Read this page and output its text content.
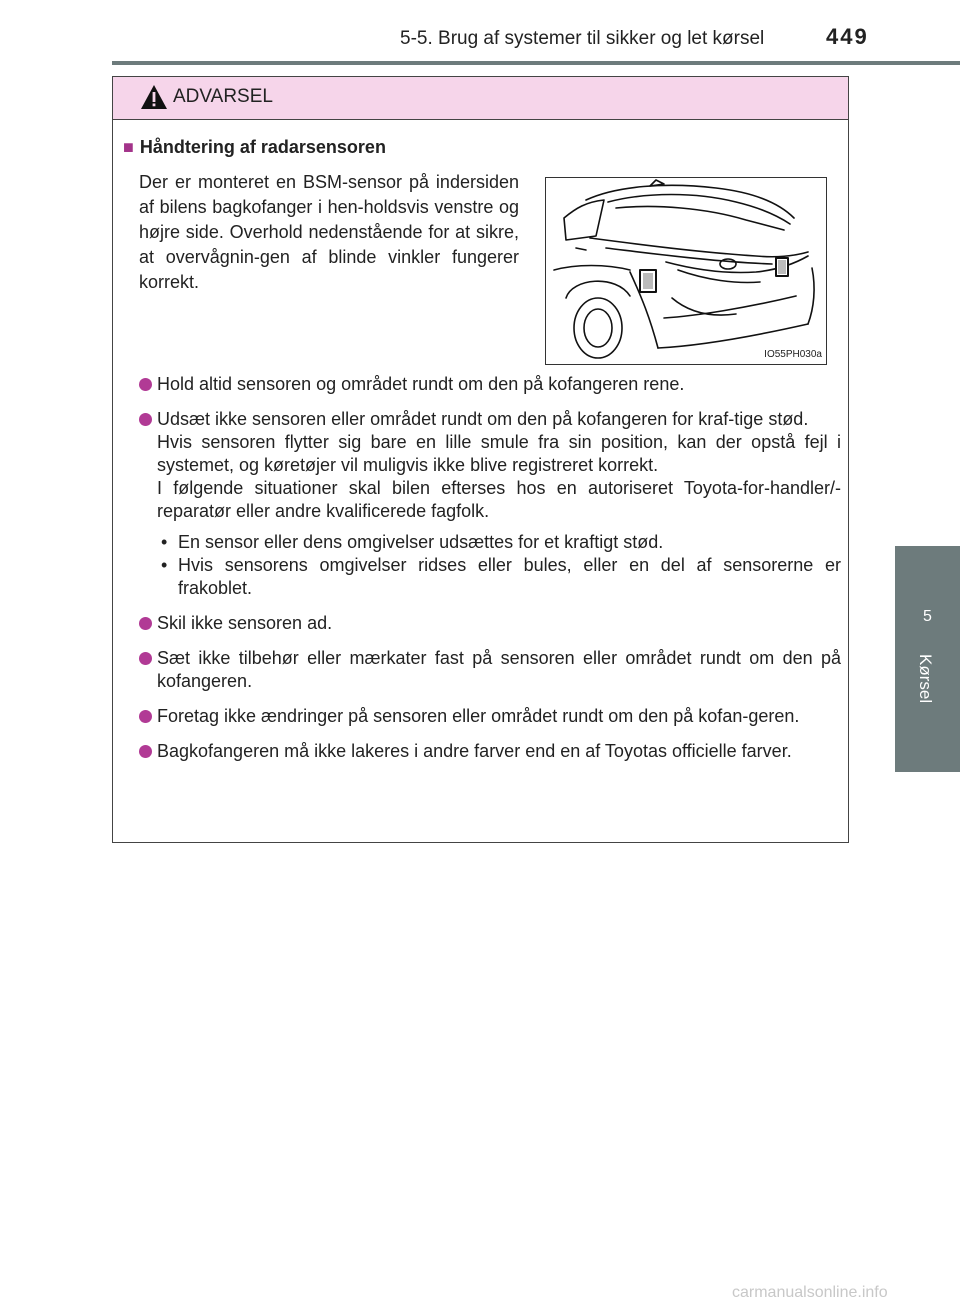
5-5. Brug af systemer til sikker og let kørsel	449
5
Kørsel
ADVARSEL
■ Håndtering af radarsensoren
Der er monteret en BSM-sensor på indersiden af bilens bagkofanger i hen-holdsvis venstre og højre side. Overhold nedenstående for at sikre, at overvågnin-gen af blinde vinkler fungerer korrekt.
IO55PH030a

Hold altid sensoren og området rundt om den på kofangeren rene.

Udsæt ikke sensoren eller området rundt om den på kofangeren for kraf-tige stød.

Hvis sensoren flytter sig bare en lille smule fra sin position, kan der opstå fejl i systemet, og køretøjer vil muligvis ikke blive registreret korrekt.

I følgende situationer skal bilen efterses hos en autoriseret Toyota-for-handler/-reparatør eller andre kvalificerede fagfolk.

• En sensor eller dens omgivelser udsættes for et kraftigt stød.
• Hvis sensorens omgivelser ridses eller bules, eller en del af sensorerne er frakoblet.

Skil ikke sensoren ad.

Sæt ikke tilbehør eller mærkater fast på sensoren eller området rundt om den på kofangeren.

Foretag ikke ændringer på sensoren eller området rundt om den på kofan-geren.

Bagkofangeren må ikke lakeres i andre farver end en af Toyotas officielle farver.

carmanualsonline.info
